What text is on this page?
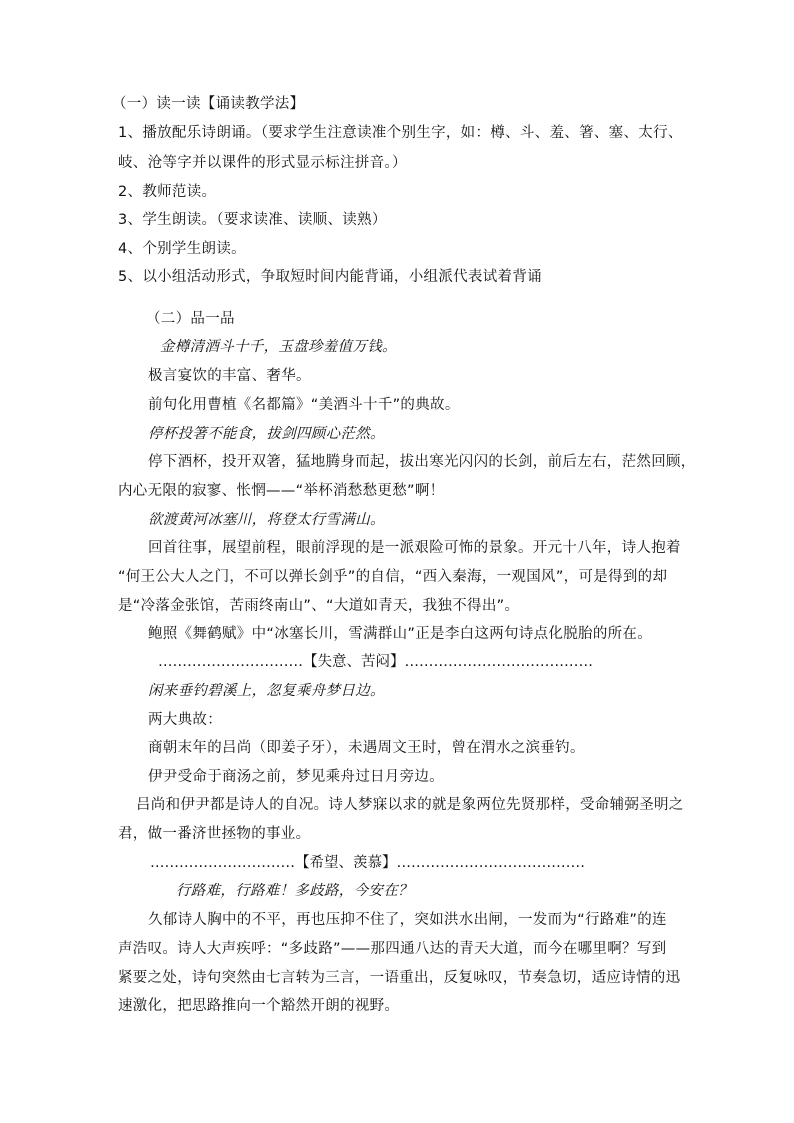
（一）读一读【诵读教学法】
1、播放配乐诗朗诵。（要求学生注意读准个别生字，如：樽、斗、羞、箸、塞、太行、
岐、沧等字并以课件的形式显示标注拼音。）
2、教师范读。
3、学生朗读。（要求读准、读顺、读熟）
4、个别学生朗读。
5、以小组活动形式，争取短时间内能背诵，小组派代表试着背诵
（二）品一品
金樽清酒斗十千，玉盘珍羞值万钱。
极言宴饮的丰富、奢华。
前句化用曹植《名都篇》“美酒斗十千”的典故。
停杯投箸不能食，拔剑四顾心茫然。
停下酒杯，投开双箸，猛地腾身而起，拔出寒光闪闪的长剑，前后左右，茫然回顾，
内心无限的寂寥、怅惘——“举杯消愁愁更愁”啊！
欲渡黄河冰塞川，将登太行雪满山。
回首往事，展望前程，眼前浮现的是一派艰险可怖的景象。开元十八年，诗人抱着
“何王公大人之门，不可以弹长剑乎”的自信，“西入秦海，一观国风”，可是得到的却
是“冷落金张馆，苦雨终南山”、“大道如青天，我独不得出”。
鲍照《舞鹤赋》中“冰塞长川，雪满群山”正是李白这两句诗点化脱胎的所在。
…………………………【失意、苦闷】…………………………………
闲来垂钓碧溪上，忽复乘舟梦日边。
两大典故：
商朝末年的吕尚（即姜子牙），未遇周文王时，曾在渭水之滨垂钓。
伊尹受命于商汤之前，梦见乘舟过日月旁边。
吕尚和伊尹都是诗人的自况。诗人梦寐以求的就是象两位先贤那样，受命辅弼圣明之
君，做一番济世拯物的事业。
…………………………【希望、羡慕】…………………………………
行路难，行路难！多歧路，今安在？
久郁诗人胸中的不平，再也压抑不住了，突如洪水出闸，一发而为“行路难”的连
声浩叹。诗人大声疾呼：“多歧路”——那四通八达的青天大道，而今在哪里啊？写到
紧要之处，诗句突然由七言转为三言，一语重出，反复咏叹，节奏急切，适应诗情的迅
速激化，把思路推向一个豁然开朗的视野。
